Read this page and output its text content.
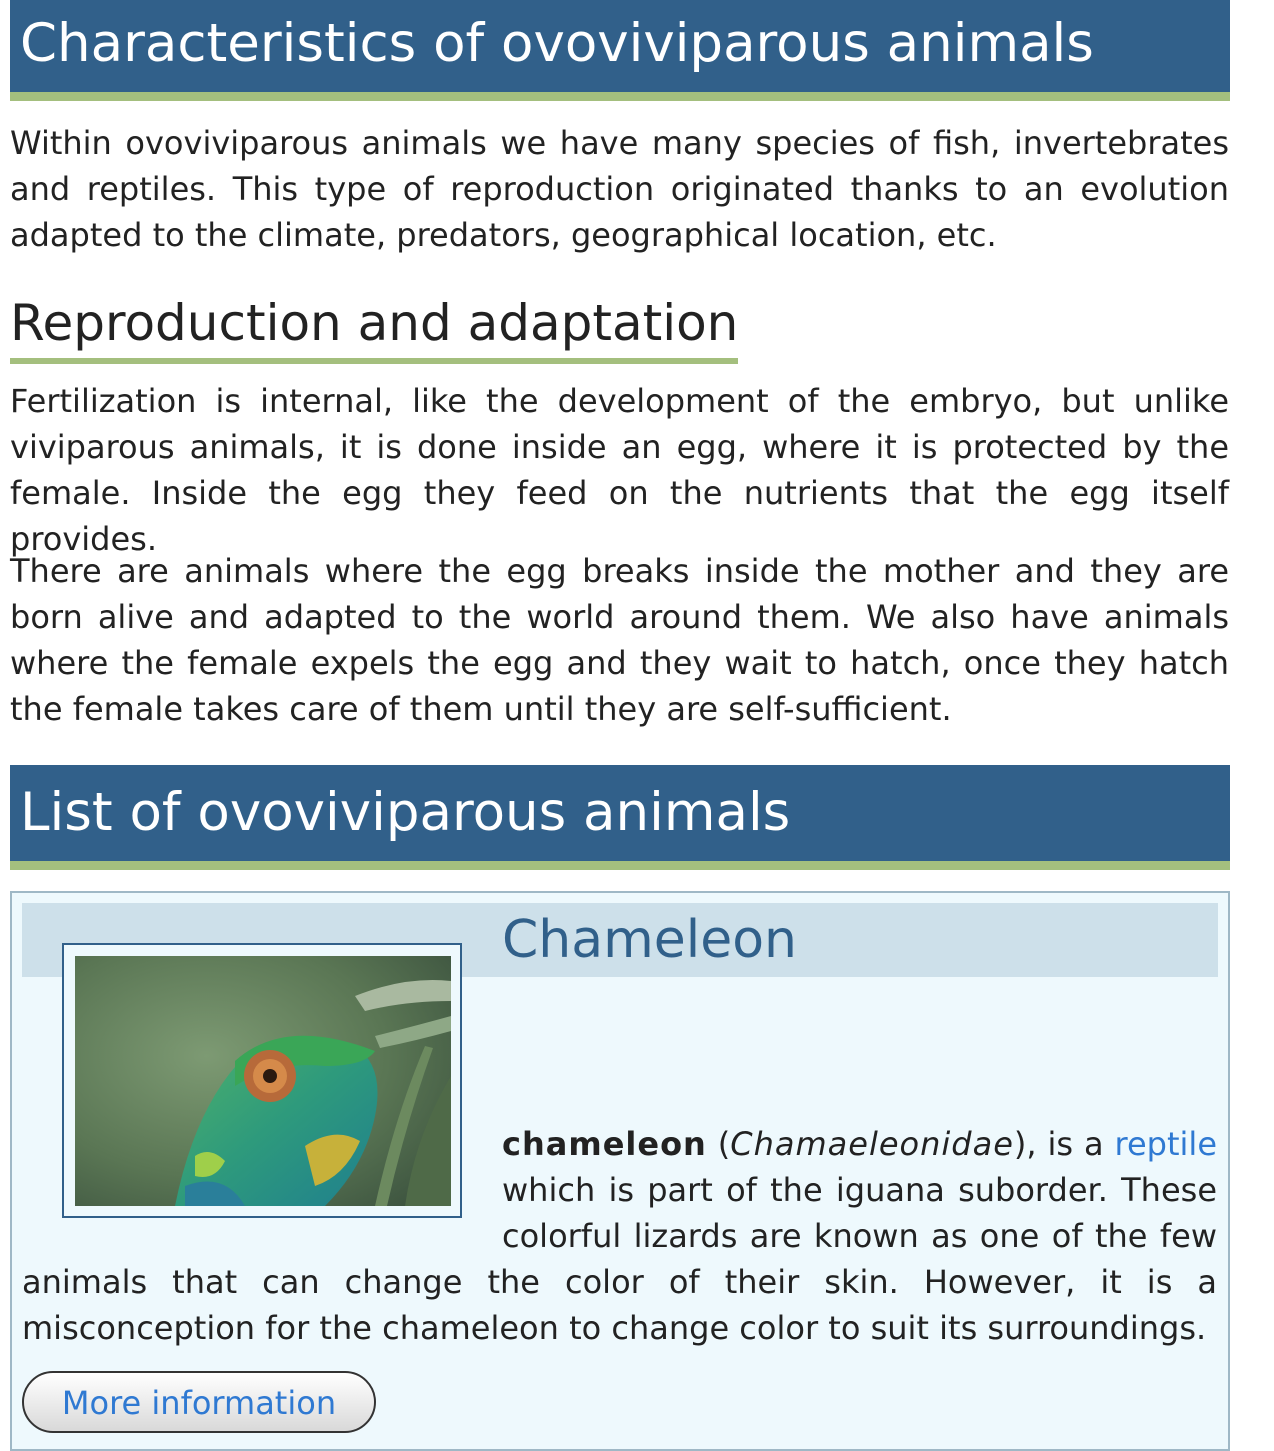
Characteristics of ovoviviparous animals

Within ovoviviparous animals we have many species of fish, invertebrates and reptiles. This type of reproduction originated thanks to an evolution adapted to the climate, predators, geographical location, etc.

Reproduction and adaptation

Fertilization is internal, like the development of the embryo, but unlike viviparous animals, it is done inside an egg, where it is protected by the female. Inside the egg they feed on the nutrients that the egg itself provides.

There are animals where the egg breaks inside the mother and they are born alive and adapted to the world around them. We also have animals where the female expels the egg and they wait to hatch, once they hatch the female takes care of them until they are self-sufficient.

List of ovoviviparous animals
Chameleon

chameleon (Chamaeleonidae), is a reptile which is part of the iguana suborder. These colorful lizards are known as one of the few animals that can change the color of their skin. However, it is a misconception for the chameleon to change color to suit its surroundings.

More information
